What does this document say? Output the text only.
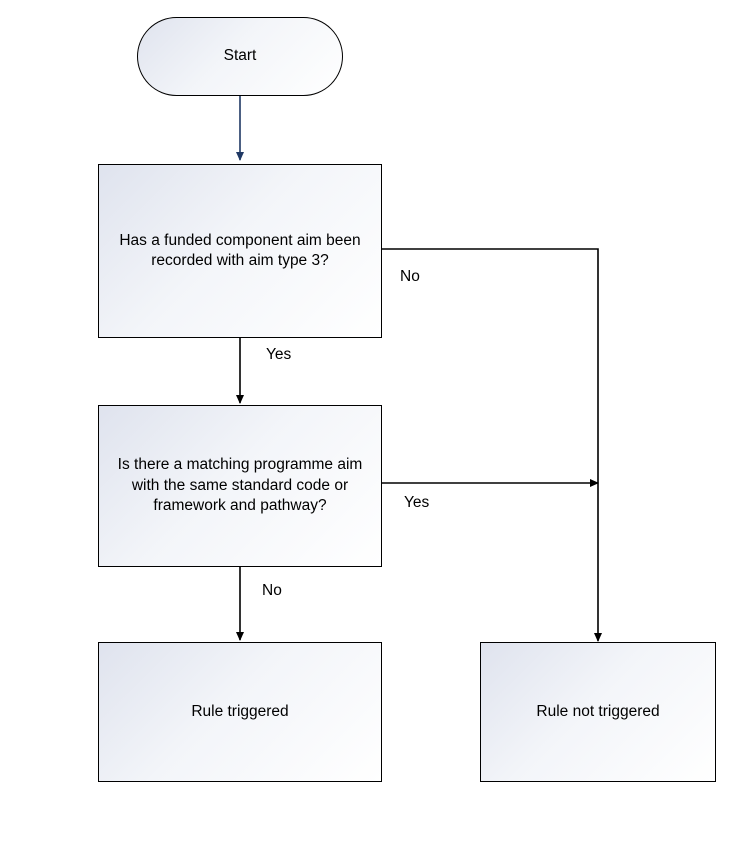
Start
Has a funded component aim been recorded with aim type 3?
Is there a matching programme aim with the same standard code or framework and pathway?
Rule triggered	Rule not triggered
No
Yes
Yes
No
